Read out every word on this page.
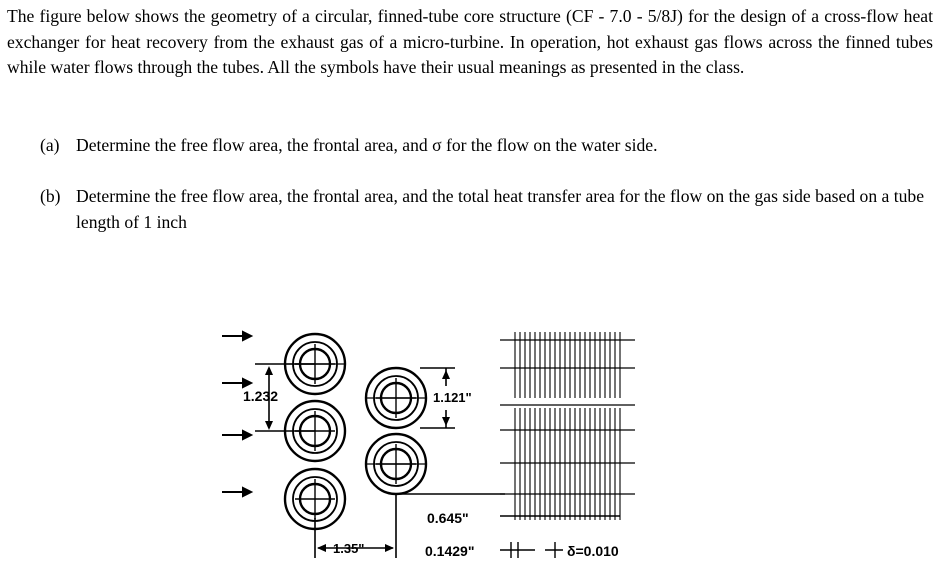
The figure below shows the geometry of a circular, finned-tube core structure (CF - 7.0 - 5/8J) for the design of a cross-flow heat exchanger for heat recovery from the exhaust gas of a micro-turbine. In operation, hot exhaust gas flows across the finned tubes while water flows through the tubes. All the symbols have their usual meanings as presented in the class.
(a) Determine the free flow area, the frontal area, and σ for the flow on the water side.
(b) Determine the free flow area, the frontal area, and the total heat transfer area for the flow on the gas side based on a tube length of 1 inch
1.232	1.121"
1.35"
0.645"
0.1429"	δ=0.010
